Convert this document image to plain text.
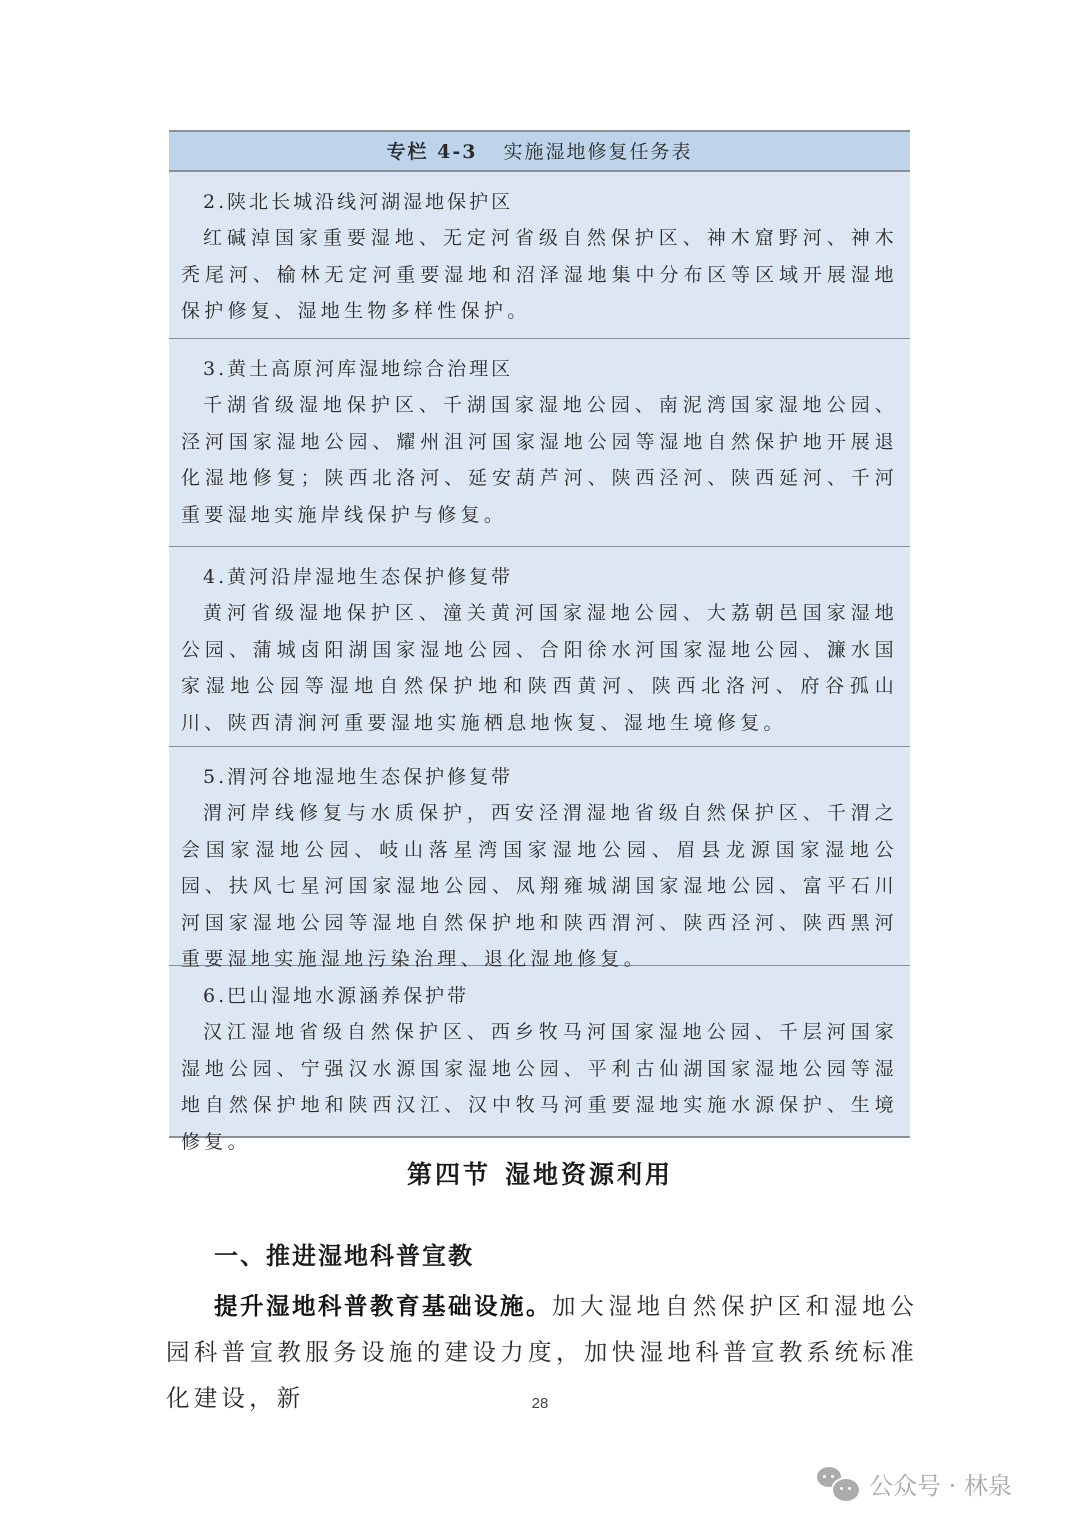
专栏 4-3 实施湿地修复任务表
2.陕北长城沿线河湖湿地保护区
红碱淖国家重要湿地、无定河省级自然保护区、神木窟野河、神木秃尾河、榆林无定河重要湿地和沼泽湿地集中分布区等区域开展湿地保护修复、湿地生物多样性保护。
3.黄土高原河库湿地综合治理区
千湖省级湿地保护区、千湖国家湿地公园、南泥湾国家湿地公园、泾河国家湿地公园、耀州沮河国家湿地公园等湿地自然保护地开展退化湿地修复；陕西北洛河、延安葫芦河、陕西泾河、陕西延河、千河重要湿地实施岸线保护与修复。
4.黄河沿岸湿地生态保护修复带
黄河省级湿地保护区、潼关黄河国家湿地公园、大荔朝邑国家湿地公园、蒲城卤阳湖国家湿地公园、合阳徐水河国家湿地公园、濂水国家湿地公园等湿地自然保护地和陕西黄河、陕西北洛河、府谷孤山川、陕西清涧河重要湿地实施栖息地恢复、湿地生境修复。
5.渭河谷地湿地生态保护修复带
渭河岸线修复与水质保护，西安泾渭湿地省级自然保护区、千渭之会国家湿地公园、岐山落星湾国家湿地公园、眉县龙源国家湿地公园、扶风七星河国家湿地公园、凤翔雍城湖国家湿地公园、富平石川河国家湿地公园等湿地自然保护地和陕西渭河、陕西泾河、陕西黑河重要湿地实施湿地污染治理、退化湿地修复。
6.巴山湿地水源涵养保护带
汉江湿地省级自然保护区、西乡牧马河国家湿地公园、千层河国家湿地公园、宁强汉水源国家湿地公园、平利古仙湖国家湿地公园等湿地自然保护地和陕西汉江、汉中牧马河重要湿地实施水源保护、生境修复。
第四节 湿地资源利用
一、推进湿地科普宣教
提升湿地科普教育基础设施。加大湿地自然保护区和湿地公园科普宣教服务设施的建设力度，加快湿地科普宣教系统标准化建设，新	28
公众号 · 林泉
